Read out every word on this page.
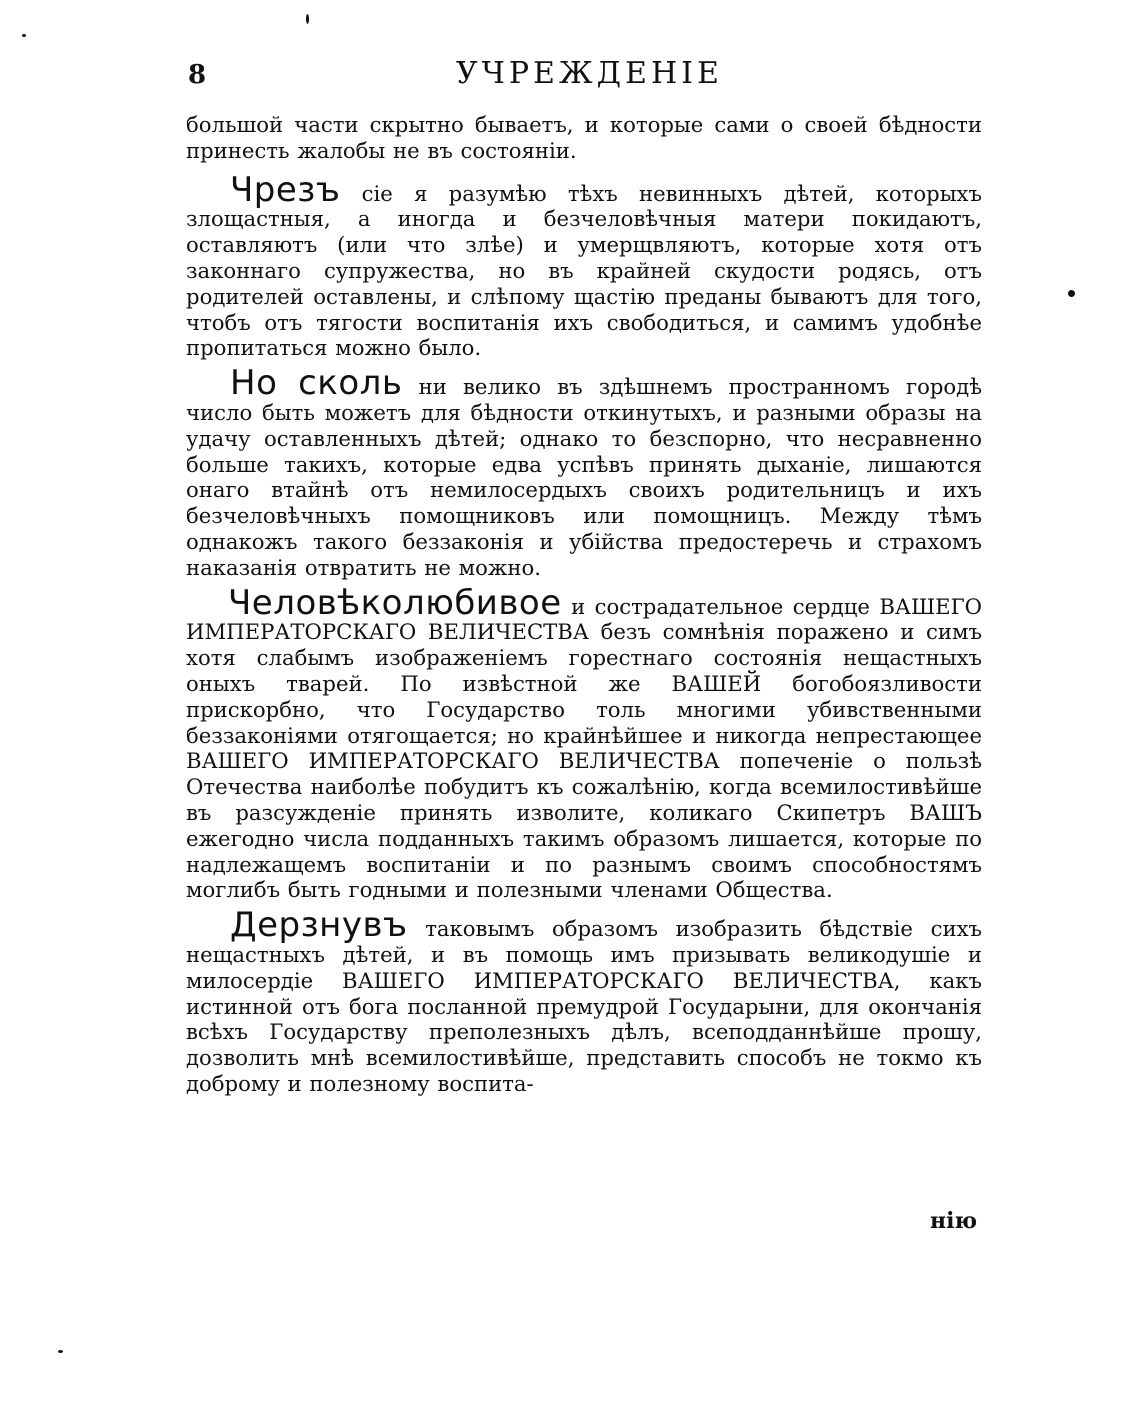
8	УЧРЕЖДЕНІЕ

большой части скрытно бываетъ, и которые сами о своей бѣдности принесть жалобы не въ состояніи.

Чрезъ сіе я разумѣю тѣхъ невинныхъ дѣтей, которыхъ злощастныя, а иногда и безчеловѣчныя матери покидаютъ, оставляютъ (или что злѣе) и умерщвляютъ, которые хотя отъ законнаго супружества, но въ крайней скудости родясь, отъ родителей оставлены, и слѣпому щастію преданы бываютъ для того, чтобъ отъ тягости воспитанія ихъ свободиться, и самимъ удобнѣе пропитаться можно было.

Но сколь ни велико въ здѣшнемъ пространномъ городѣ число быть можетъ для бѣдности откинутыхъ, и разными образы на удачу оставленныхъ дѣтей; однако то безспорно, что несравненно больше такихъ, которые едва успѣвъ принять дыханіе, лишаются онаго втайнѣ отъ немилосердыхъ своихъ родительницъ и ихъ безчеловѣчныхъ помощниковъ или помощницъ. Между тѣмъ однакожъ такого беззаконія и убійства предостеречь и страхомъ наказанія отвратить не можно.

Человѣколюбивое и сострадательное сердце ВАШЕГО ИМПЕРАТОРСКАГО ВЕЛИЧЕСТВА безъ сомнѣнія поражено и симъ хотя слабымъ изображеніемъ горестнаго состоянія нещастныхъ оныхъ тварей. По извѣстной же ВАШЕЙ богобоязливости прискорбно, что Государство толь многими убивственными беззаконіями отягощается; но крайнѣйшее и никогда непрестающее ВАШЕГО ИМПЕРАТОРСКАГО ВЕЛИЧЕСТВА попеченіе о пользѣ Отечества наиболѣе побудитъ къ сожалѣнію, когда всемилостивѣйше въ разсужденіе принять изволите, коликаго Скипетръ ВАШЪ ежегодно числа подданныхъ такимъ образомъ лишается, которые по надлежащемъ воспитаніи и по разнымъ своимъ способностямъ моглибъ быть годными и полезными членами Общества.

Дерзнувъ таковымъ образомъ изобразить бѣдствіе сихъ нещастныхъ дѣтей, и въ помощь имъ призывать великодушіе и милосердіе ВАШЕГО ИМПЕРАТОРСКАГО ВЕЛИЧЕСТВА, какъ истинной отъ бога посланной премудрой Государыни, для окончанія всѣхъ Государству преполезныхъ дѣлъ, всеподданнѣйше прошу, дозволить мнѣ всемилостивѣйше, представить способъ не токмо къ доброму и полезному воспита-

нію
